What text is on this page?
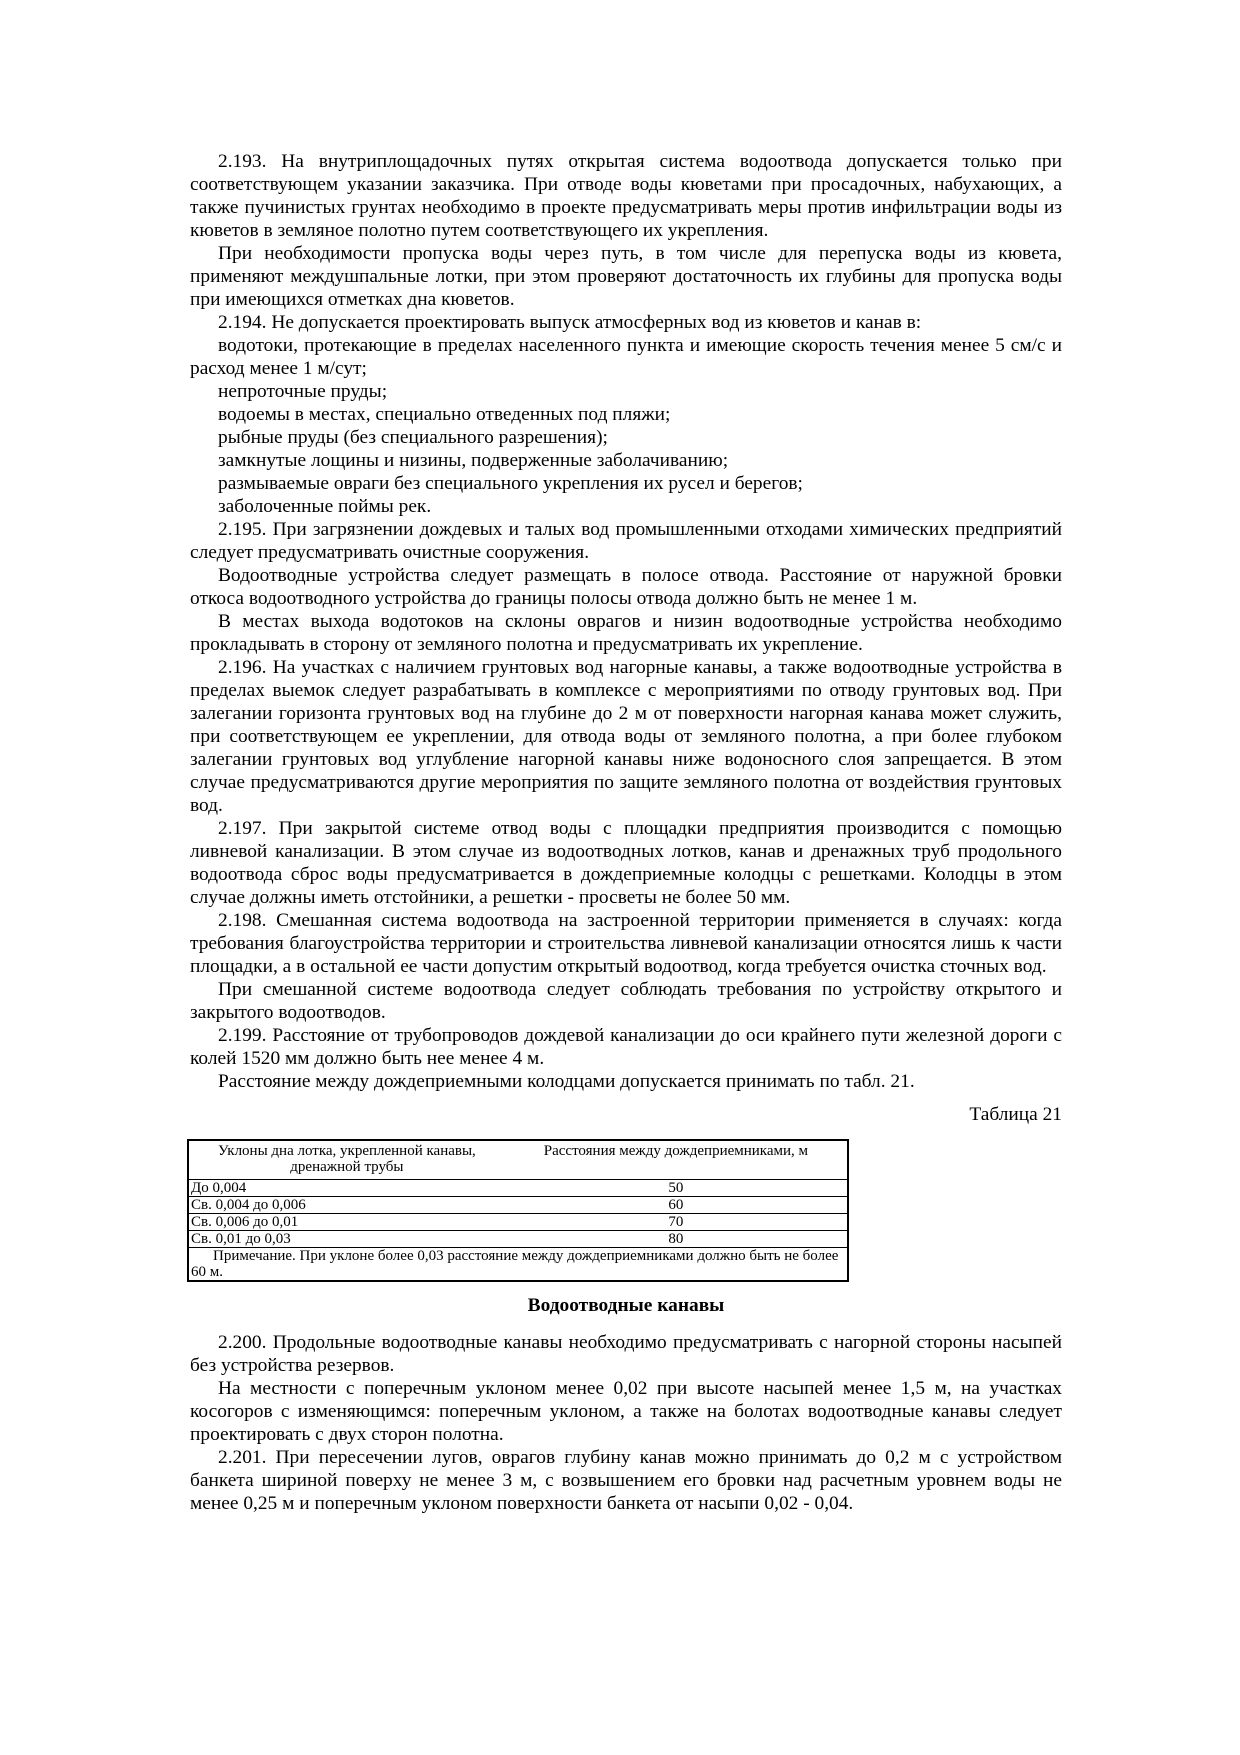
2.193. На внутриплощадочных путях открытая система водоотвода допускается только при соответствующем указании заказчика. При отводе воды кюветами при просадочных, набухающих, а также пучинистых грунтах необходимо в проекте предусматривать меры против инфильтрации воды из кюветов в земляное полотно путем соответствующего их укрепления.

При необходимости пропуска воды через путь, в том числе для перепуска воды из кювета, применяют междушпальные лотки, при этом проверяют достаточность их глубины для пропуска воды при имеющихся отметках дна кюветов.

2.194. Не допускается проектировать выпуск атмосферных вод из кюветов и канав в:

водотоки, протекающие в пределах населенного пункта и имеющие скорость течения менее 5 см/с и расход менее 1 м/сут;

непроточные пруды;

водоемы в местах, специально отведенных под пляжи;

рыбные пруды (без специального разрешения);

замкнутые лощины и низины, подверженные заболачиванию;

размываемые овраги без специального укрепления их русел и берегов;

заболоченные поймы рек.

2.195. При загрязнении дождевых и талых вод промышленными отходами химических предприятий следует предусматривать очистные сооружения.

Водоотводные устройства следует размещать в полосе отвода. Расстояние от наружной бровки откоса водоотводного устройства до границы полосы отвода должно быть не менее 1 м.

В местах выхода водотоков на склоны оврагов и низин водоотводные устройства необходимо прокладывать в сторону от земляного полотна и предусматривать их укрепление.

2.196. На участках с наличием грунтовых вод нагорные канавы, а также водоотводные устройства в пределах выемок следует разрабатывать в комплексе с мероприятиями по отводу грунтовых вод. При залегании горизонта грунтовых вод на глубине до 2 м от поверхности нагорная канава может служить, при соответствующем ее укреплении, для отвода воды от земляного полотна, а при более глубоком залегании грунтовых вод углубление нагорной канавы ниже водоносного слоя запрещается. В этом случае предусматриваются другие мероприятия по защите земляного полотна от воздействия грунтовых вод.

2.197. При закрытой системе отвод воды с площадки предприятия производится с помощью ливневой канализации. В этом случае из водоотводных лотков, канав и дренажных труб продольного водоотвода сброс воды предусматривается в дождеприемные колодцы с решетками. Колодцы в этом случае должны иметь отстойники, а решетки - просветы не более 50 мм.

2.198. Смешанная система водоотвода на застроенной территории применяется в случаях: когда требования благоустройства территории и строительства ливневой канализации относятся лишь к части площадки, а в остальной ее части допустим открытый водоотвод, когда требуется очистка сточных вод.

При смешанной системе водоотвода следует соблюдать требования по устройству открытого и закрытого водоотводов.

2.199. Расстояние от трубопроводов дождевой канализации до оси крайнего пути железной дороги с колей 1520 мм должно быть нее менее 4 м.

Расстояние между дождеприемными колодцами допускается принимать по табл. 21.

Таблица 21
Уклоны дна лотка, укрепленной канавы, дренажной трубы	Расстояния между дождеприемниками, м
До 0,004	50
Св. 0,004 до 0,006	60
Св. 0,006 до 0,01	70
Св. 0,01 до 0,03	80
Примечание. При уклоне более 0,03 расстояние между дождеприемниками должно быть не более 60 м.	
Водоотводные канавы

2.200. Продольные водоотводные канавы необходимо предусматривать с нагорной стороны насыпей без устройства резервов.

На местности с поперечным уклоном менее 0,02 при высоте насыпей менее 1,5 м, на участках косогоров с изменяющимся: поперечным уклоном, а также на болотах водоотводные канавы следует проектировать с двух сторон полотна.

2.201. При пересечении лугов, оврагов глубину канав можно принимать до 0,2 м с устройством банкета шириной поверху не менее 3 м, с возвышением его бровки над расчетным уровнем воды не менее 0,25 м и поперечным уклоном поверхности банкета от насыпи 0,02 - 0,04.
